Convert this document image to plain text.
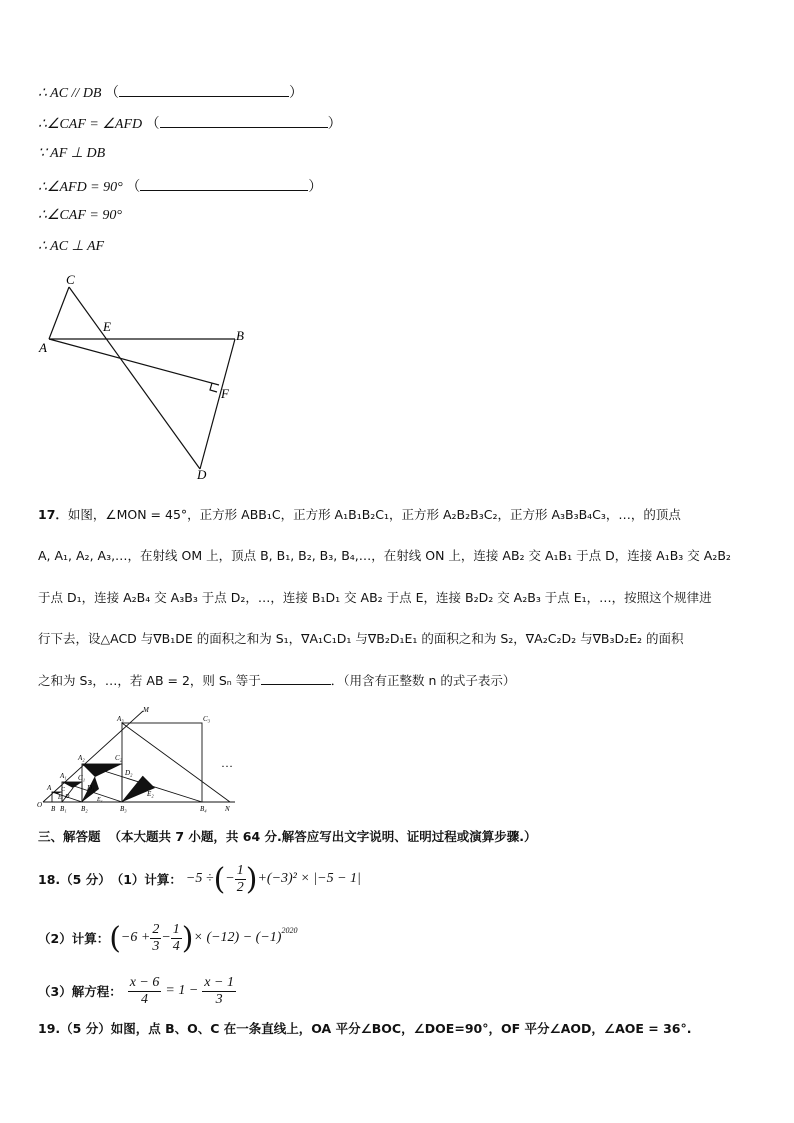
∴ AC // DB （	）
∴∠CAF = ∠AFD （	）
∵ AF ⊥ DB
∴∠AFD = 90° （	）
∴∠CAF = 90°
∴ AC ⊥ AF
C
E
B
A
F
D
17．如图，∠MON = 45°，正方形 ABB₁C，正方形 A₁B₁B₂C₁，正方形 A₂B₂B₃C₂，正方形 A₃B₃B₄C₃，…，的顶点
A, A₁, A₂, A₃,…，在射线 OM 上，顶点 B, B₁, B₂, B₃, B₄,…，在射线 ON 上，连接 AB₂ 交 A₁B₁ 于点 D，连接 A₁B₃ 交 A₂B₂
于点 D₁，连接 A₂B₄ 交 A₃B₃ 于点 D₂，…，连接 B₁D₁ 交 AB₂ 于点 E，连接 B₂D₂ 交 A₂B₃ 于点 E₁，…，按照这个规律进
行下去，设△ACD 与∇B₁DE 的面积之和为 S₁，∇A₁C₁D₁ 与∇B₂D₁E₁ 的面积之和为 S₂，∇A₂C₂D₂ 与∇B₃D₂E₂ 的面积
之和为 S₃，…，若 AB = 2，则 Sₙ 等于	．（用含有正整数 n 的式子表示）
M
A₃	C₃
A₂	C₂
D₂
A₁ C₁
D₁
E₂
A C
D
E	E₁
O B B₁ B₂	B₃	B₄	N
…
三、解答题 （本大题共 7 小题，共 64 分.解答应写出文字说明、证明过程或演算步骤.）
18. （5 分） （1）计算： −5 ÷ ( − $\frac{1}{2}$ ) +(−3)² × |−5 − 1|
（2）计算： ( $-6 + \frac{2}{3} - \frac{1}{4}$ ) × $(-12) - (-1)^{2020}$
（3）解方程： $\frac{x - 6}{4} = 1 - \frac{x - 1}{3}$
19.（5 分）如图，点 B、O、C 在一条直线上，OA 平分∠BOC，∠DOE=90°，OF 平分∠AOD，∠AOE = 36°.
